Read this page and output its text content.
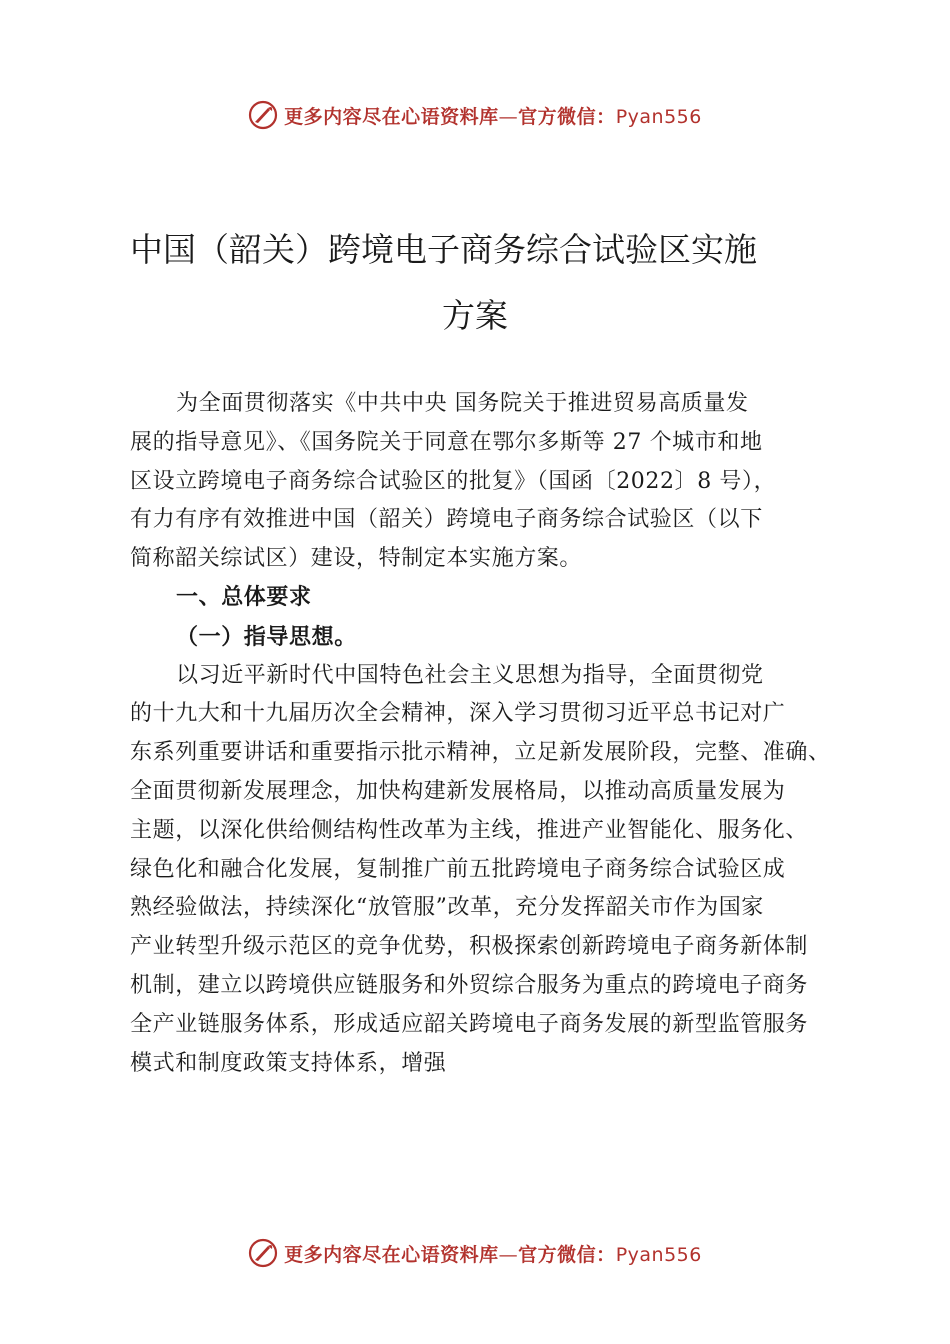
更多内容尽在心语资料库—官方微信：Pyan556
中国（韶关）跨境电子商务综合试验区实施
方案
为全面贯彻落实《中共中央 国务院关于推进贸易高质量发
展的指导意见》、《国务院关于同意在鄂尔多斯等 27 个城市和地
区设立跨境电子商务综合试验区的批复》（国函〔2022〕8 号），
有力有序有效推进中国（韶关）跨境电子商务综合试验区（以下
简称韶关综试区）建设，特制定本实施方案。
一、总体要求
（一）指导思想。
以习近平新时代中国特色社会主义思想为指导，全面贯彻党
的十九大和十九届历次全会精神，深入学习贯彻习近平总书记对广
东系列重要讲话和重要指示批示精神，立足新发展阶段，完整、准确、
全面贯彻新发展理念，加快构建新发展格局，以推动高质量发展为
主题，以深化供给侧结构性改革为主线，推进产业智能化、服务化、
绿色化和融合化发展，复制推广前五批跨境电子商务综合试验区成
熟经验做法，持续深化“放管服”改革，充分发挥韶关市作为国家
产业转型升级示范区的竞争优势，积极探索创新跨境电子商务新体制
机制，建立以跨境供应链服务和外贸综合服务为重点的跨境电子商务
全产业链服务体系，形成适应韶关跨境电子商务发展的新型监管服务
模式和制度政策支持体系，增强
更多内容尽在心语资料库—官方微信：Pyan556
